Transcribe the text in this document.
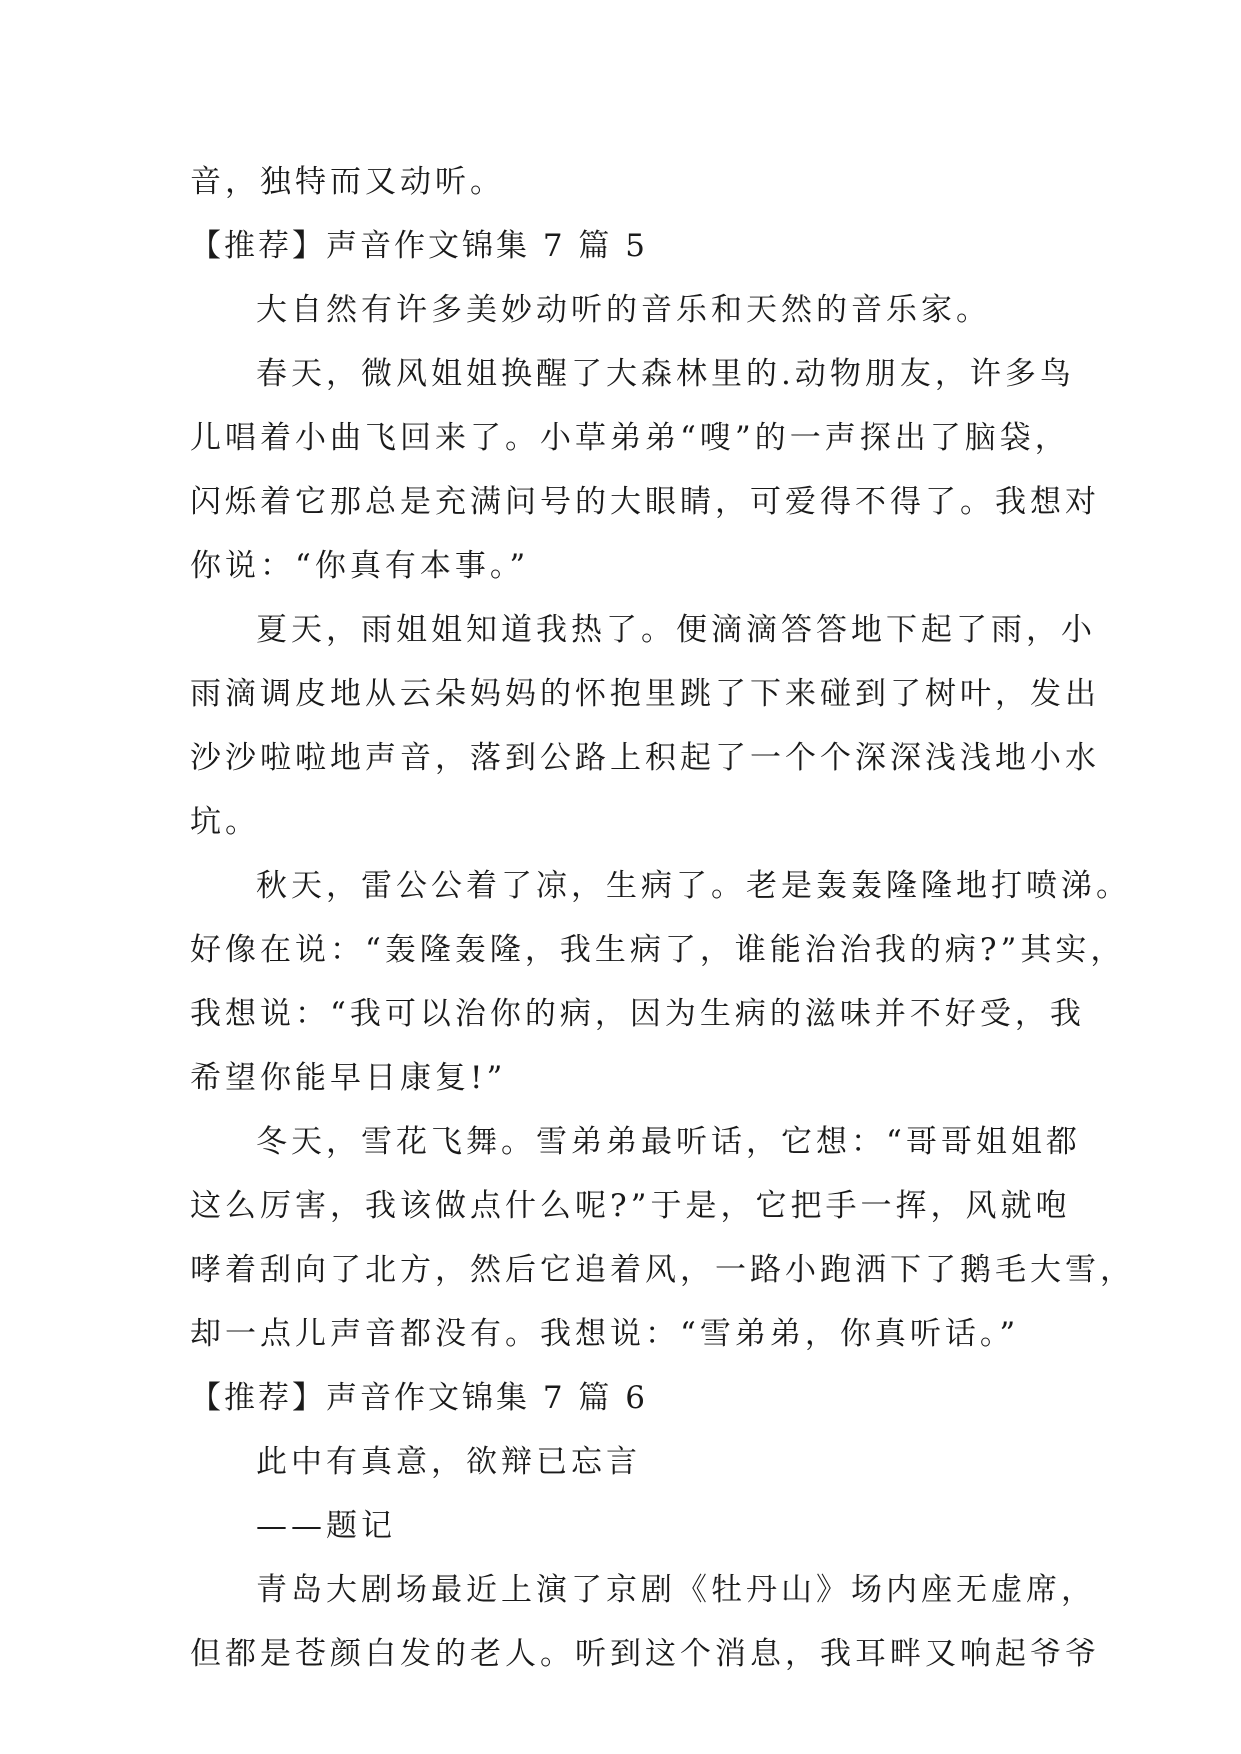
音，独特而又动听。
【推荐】声音作文锦集 7 篇 5
大自然有许多美妙动听的音乐和天然的音乐家。
春天，微风姐姐换醒了大森林里的.动物朋友，许多鸟
儿唱着小曲飞回来了。小草弟弟“嗖”的一声探出了脑袋，
闪烁着它那总是充满问号的大眼睛，可爱得不得了。我想对
你说：“你真有本事。”
夏天，雨姐姐知道我热了。便滴滴答答地下起了雨，小
雨滴调皮地从云朵妈妈的怀抱里跳了下来碰到了树叶，发出
沙沙啦啦地声音，落到公路上积起了一个个深深浅浅地小水
坑。
秋天，雷公公着了凉，生病了。老是轰轰隆隆地打喷涕。
好像在说：“轰隆轰隆，我生病了，谁能治治我的病?”其实，
我想说：“我可以治你的病，因为生病的滋味并不好受，我
希望你能早日康复!”
冬天，雪花飞舞。雪弟弟最听话，它想：“哥哥姐姐都
这么厉害，我该做点什么呢?”于是，它把手一挥，风就咆
哮着刮向了北方，然后它追着风，一路小跑洒下了鹅毛大雪，
却一点儿声音都没有。我想说：“雪弟弟，你真听话。”
【推荐】声音作文锦集 7 篇 6
此中有真意，欲辩已忘言
——题记
青岛大剧场最近上演了京剧《牡丹山》场内座无虚席，
但都是苍颜白发的老人。听到这个消息，我耳畔又响起爷爷
